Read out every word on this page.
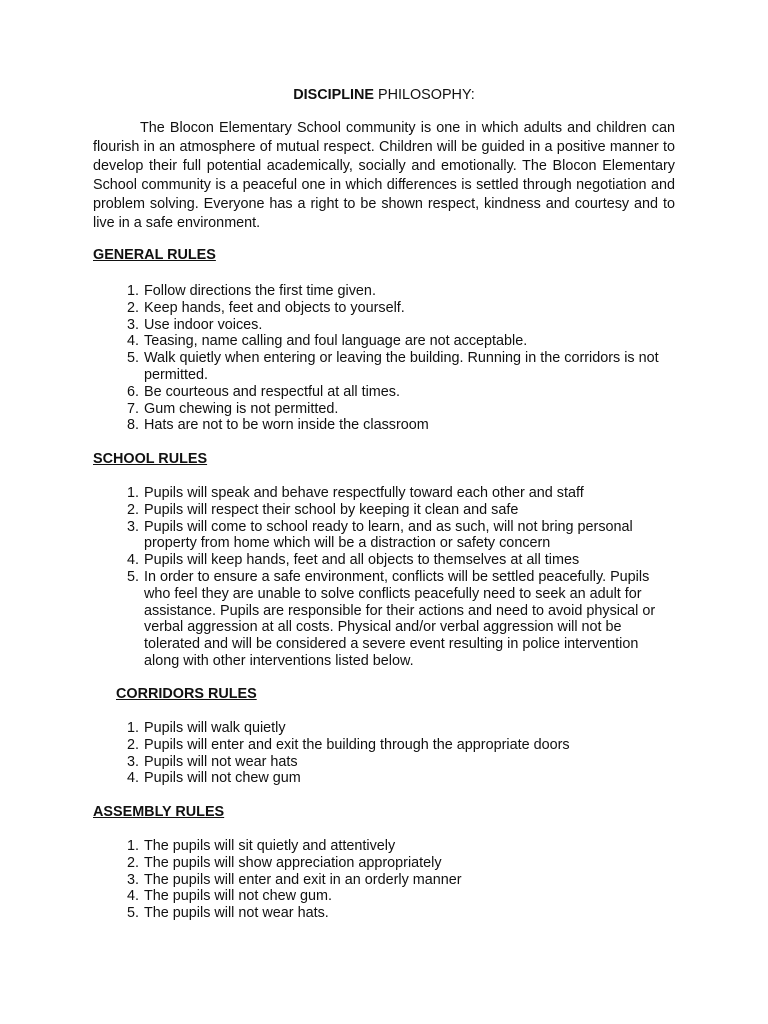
DISCIPLINE PHILOSOPHY:

The Blocon Elementary School community is one in which adults and children can flourish in an atmosphere of mutual respect. Children will be guided in a positive manner to develop their full potential academically, socially and emotionally. The Blocon Elementary School community is a peaceful one in which differences is settled through negotiation and problem solving. Everyone has a right to be shown respect, kindness and courtesy and to live in a safe environment.

GENERAL RULES

1. Follow directions the first time given.
2. Keep hands, feet and objects to yourself.
3. Use indoor voices.
4. Teasing, name calling and foul language are not acceptable.
5. Walk quietly when entering or leaving the building. Running in the corridors is not permitted.
6. Be courteous and respectful at all times.
7. Gum chewing is not permitted.
8. Hats are not to be worn inside the classroom

SCHOOL RULES

1. Pupils will speak and behave respectfully toward each other and staff
2. Pupils will respect their school by keeping it clean and safe
3. Pupils will come to school ready to learn, and as such, will not bring personal property from home which will be a distraction or safety concern
4. Pupils will keep hands, feet and all objects to themselves at all times
5. In order to ensure a safe environment, conflicts will be settled peacefully. Pupils who feel they are unable to solve conflicts peacefully need to seek an adult for assistance. Pupils are responsible for their actions and need to avoid physical or verbal aggression at all costs. Physical and/or verbal aggression will not be tolerated and will be considered a severe event resulting in police intervention along with other interventions listed below.

CORRIDORS RULES

1. Pupils will walk quietly
2. Pupils will enter and exit the building through the appropriate doors
3. Pupils will not wear hats
4. Pupils will not chew gum

ASSEMBLY RULES

1. The pupils will sit quietly and attentively
2. The pupils will show appreciation appropriately
3. The pupils will enter and exit in an orderly manner
4. The pupils will not chew gum.
5. The pupils will not wear hats.
